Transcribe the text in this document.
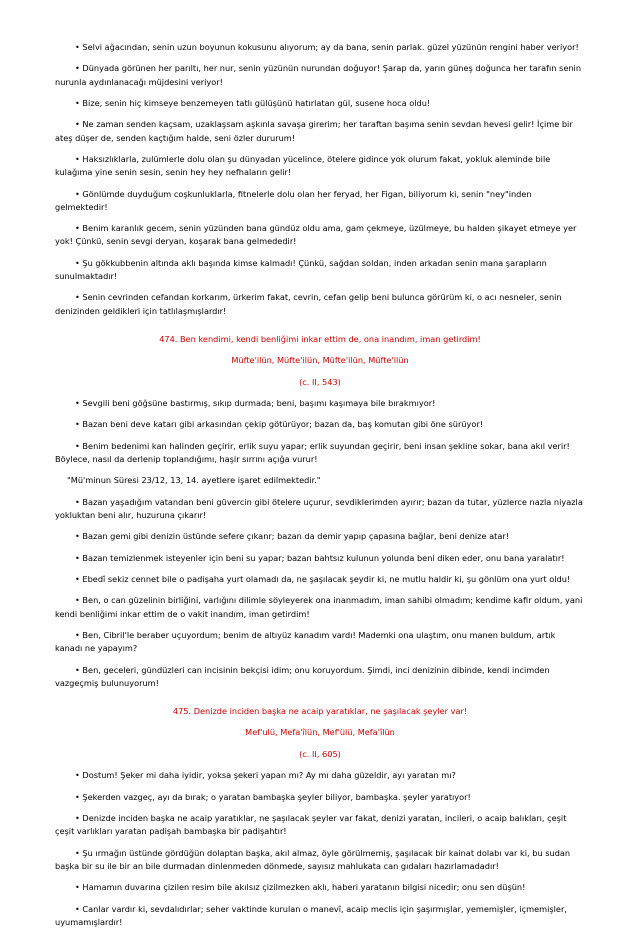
• Selvi ağacından, senin uzun boyunun kokusunu alıyorum; ay da bana, senin parlak. güzel yüzünün rengini haber veriyor!

• Dünyada görünen her parıltı, her nur, senin yüzünün nurundan doğuyor! Şarap da, yarın güneş doğunca her tarafın senin nurunla aydınlanacağı müjdesini veriyor!

• Bize, senin hiç kimseye benzemeyen tatlı gülüşünü hatırlatan gül, susene hoca oldu!

• Ne zaman senden kaçsam, uzaklaşsam aşkınla savaşa girerim; her taraftan başıma senin sevdan hevesi gelir! İçime bir ateş düşer de, senden kaçtığım halde, seni özler dururum!

• Haksızlıklarla, zulümlerle dolu olan şu dünyadan yücelince, ötelere gidince yok olurum fakat, yokluk aleminde bile kulağıma yine senin sesin, senin hey hey nefhaların gelir!

• Gönlümde duyduğum coşkunluklarla, fitnelerle dolu olan her feryad, her Figan, biliyorum ki, senin "ney"inden gelmektedir!

• Benim karanlık gecem, senin yüzünden bana gündüz oldu ama, gam çekmeye, üzülmeye, bu halden şikayet etmeye yer yok! Çünkü, senin sevgi deryan, koşarak bana gelmededir!

• Şu gökkubbenin altında aklı başında kimse kalmadı! Çünkü, sağdan soldan, inden arkadan senin mana şarapların sunulmaktadır!

• Senin cevrinden cefandan korkarım, ürkerim fakat, cevrin, cefan gelip beni bulunca görürüm ki, o acı nesneler, senin denizinden geldikleri için tatlılaşmışlardır!

474. Ben kendimi, kendi benliğimi inkar ettim de, ona inandım, iman getirdim!

Müfte'ilün, Müfte'ilün, Müfte'ilün, Müfte'ilün

(c. II, 543)

• Sevgili beni göğsüne bastırmış, sıkıp durmada; beni, başımı kaşımaya bile bırakmıyor!

• Bazan beni deve katarı gibi arkasından çekip götürüyor; bazan da, baş komutan gibi öne sürüyor!

• Benim bedenimi kan halinden geçirir, erlik suyu yapar; erlik suyundan geçirir, beni insan şekline sokar, bana akıl verir! Böylece, nasıl da derlenip toplandığımı, haşir sırrını açığa vurur!

"Mü'minun Süresi 23/12, 13, 14. ayetlere işaret edilmektedir."

• Bazan yaşadığım vatandan beni güvercin gibi ötelere uçurur, sevdiklerimden ayırır; bazan da tutar, yüzlerce nazla niyazla yokluktan beni alır, huzuruna çıkarır!

• Bazan gemi gibi denizin üstünde sefere çıkanr; bazan da demir yapıp çapasına bağlar, beni denize atar!

• Bazan temizlenmek isteyenler için beni su yapar; bazan bahtsız kulunun yolunda beni diken eder, onu bana yaralatır!

• Ebedî sekiz cennet bile o padişaha yurt olamadı da, ne şaşılacak şeydir ki, ne mutlu haldir ki, şu gönlüm ona yurt oldu!

• Ben, o can güzelinin birliğini, varlığını dilimle söyleyerek ona inanmadım, iman sahibi olmadım; kendime kafir oldum, yani kendi benliğimi inkar ettim de o vakit inandım, iman getirdim!

• Ben, Cibril'le beraber uçuyordum; benim de altıyüz kanadım vardı! Mademki ona ulaştım, onu manen buldum, artık kanadı ne yapayım?

• Ben, geceleri, gündüzleri can incisinin bekçisi idim; onu koruyordum. Şimdi, inci denizinin dibinde, kendi incimden vazgeçmiş bulunuyorum!

475. Denizde inciden başka ne acaip yaratıklar, ne şaşılacak şeyler var!

Mef'ulü, Mefa'îlün, Mef'ülü, Mefa'îlün

(c. II, 605)

• Dostum! Şeker mi daha iyidir, yoksa şekeri yapan mı? Ay mı daha güzeldir, ayı yaratan mı?

• Şekerden vazgeç, ayı da bırak; o yaratan bambaşka şeyler biliyor, bambaşka. şeyler yaratıyor!

• Denizde inciden başka ne acaip yaratıklar, ne şaşılacak şeyler var fakat, denizi yaratan, incileri, o acaip balıkları, çeşit çeşit varlıkları yaratan padişah bambaşka bir padişahtır!

• Şu ırmağın üstünde gördüğün dolaptan başka, akıl almaz, öyle görülmemiş, şaşılacak bir kainat dolabı var ki, bu sudan başka bir su ile bir an bile durmadan dinlenmeden dönmede, sayısız mahlukata can gıdaları hazırlamadadır!

• Hamamın duvarına çizilen resim bile akılsız çizilmezken aklı, haberi yaratanın bilgisi nicedir; onu sen düşün!

• Canlar vardır ki, sevdalıdırlar; seher vaktinde kurulan o manevî, acaip meclis için şaşırmışlar, yememişler, içmemişler, uyumamışlardır!
